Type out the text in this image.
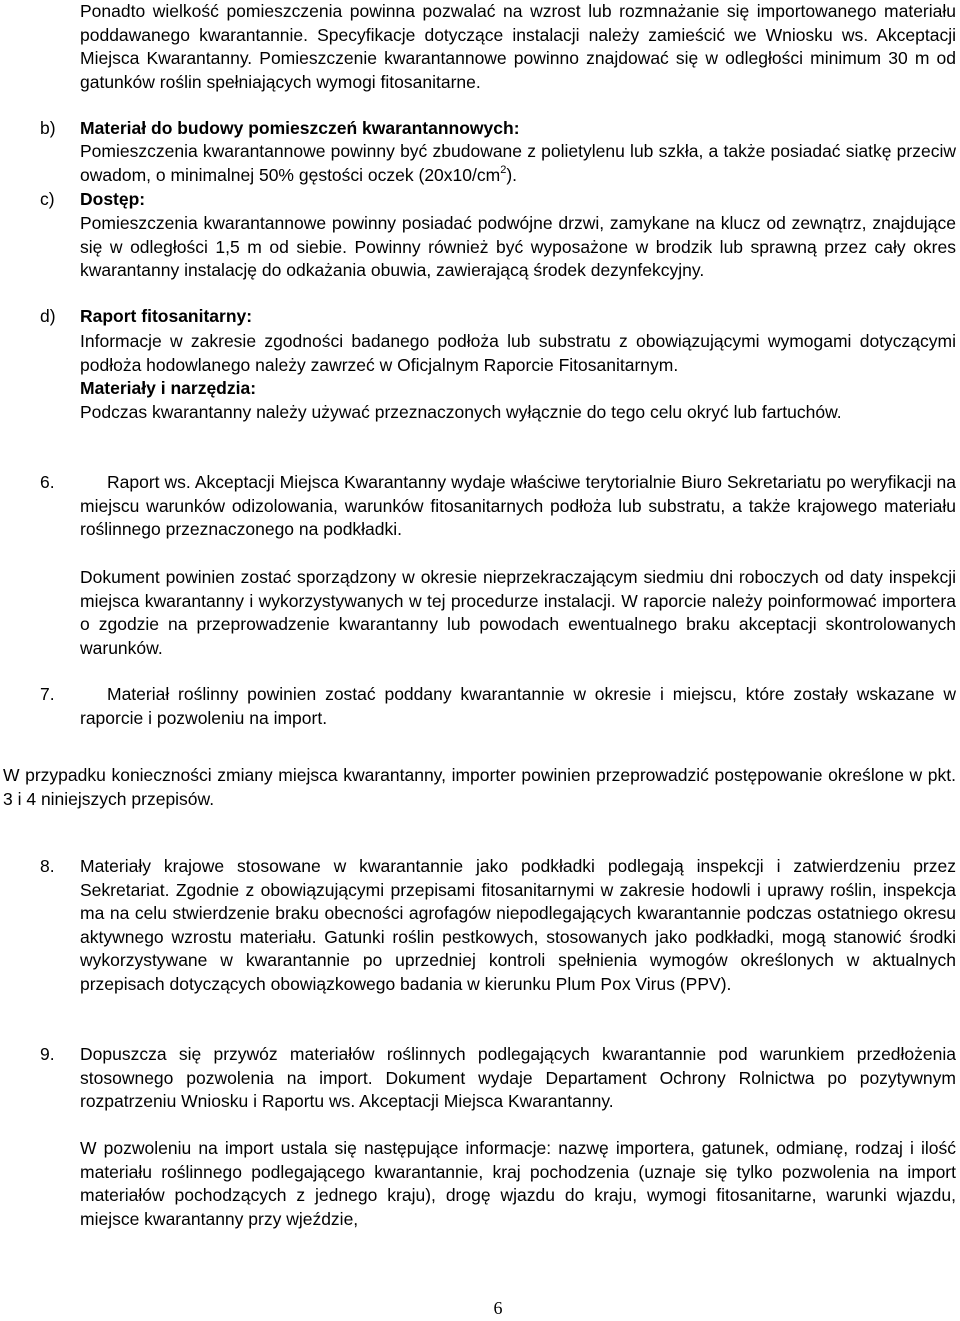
Ponadto wielkość pomieszczenia powinna pozwalać na wzrost lub rozmnażanie się importowanego materiału poddawanego kwarantannie. Specyfikacje dotyczące instalacji należy zamieścić we Wniosku ws. Akceptacji Miejsca Kwarantanny. Pomieszczenie kwarantannowe powinno znajdować się w odległości minimum 30 m od gatunków roślin spełniających wymogi fitosanitarne.

b) Materiał do budowy pomieszczeń kwarantannowych:

Pomieszczenia kwarantannowe powinny być zbudowane z polietylenu lub szkła, a także posiadać siatkę przeciw owadom, o minimalnej 50% gęstości oczek $(20x10/cm^2)$.

c) Dostęp:

Pomieszczenia kwarantannowe powinny posiadać podwójne drzwi, zamykane na klucz od zewnątrz, znajdujące się w odległości 1,5 m od siebie. Powinny również być wyposażone w brodzik lub sprawną przez cały okres kwarantanny instalację do odkażania obuwia, zawierającą środek dezynfekcyjny.

d) Raport fitosanitarny:

Informacje w zakresie zgodności badanego podłoża lub substratu z obowiązującymi wymogami dotyczącymi podłoża hodowlanego należy zawrzeć w Oficjalnym Raporcie Fitosanitarnym.

Materiały i narzędzia:

Podczas kwarantanny należy używać przeznaczonych wyłącznie do tego celu okryć lub fartuchów.

6.	Raport ws. Akceptacji Miejsca Kwarantanny wydaje właściwe terytorialnie Biuro Sekretariatu po weryfikacji na miejscu warunków odizolowania, warunków fitosanitarnych podłoża lub substratu, a także krajowego materiału roślinnego przeznaczonego na podkładki.

Dokument powinien zostać sporządzony w okresie nieprzekraczającym siedmiu dni roboczych od daty inspekcji miejsca kwarantanny i wykorzystywanych w tej procedurze instalacji. W raporcie należy poinformować importera o zgodzie na przeprowadzenie kwarantanny lub powodach ewentualnego braku akceptacji skontrolowanych warunków.

7.	Materiał roślinny powinien zostać poddany kwarantannie w okresie i miejscu, które zostały wskazane w raporcie i pozwoleniu na import.

W przypadku konieczności zmiany miejsca kwarantanny, importer powinien przeprowadzić postępowanie określone w pkt. 3 i 4 niniejszych przepisów.

8. Materiały krajowe stosowane w kwarantannie jako podkładki podlegają inspekcji i zatwierdzeniu przez Sekretariat. Zgodnie z obowiązującymi przepisami fitosanitarnymi w zakresie hodowli i uprawy roślin, inspekcja ma na celu stwierdzenie braku obecności agrofagów niepodlegających kwarantannie podczas ostatniego okresu aktywnego wzrostu materiału. Gatunki roślin pestkowych, stosowanych jako podkładki, mogą stanowić środki wykorzystywane w kwarantannie po uprzedniej kontroli spełnienia wymogów określonych w aktualnych przepisach dotyczących obowiązkowego badania w kierunku Plum Pox Virus (PPV).

9. Dopuszcza się przywóz materiałów roślinnych podlegających kwarantannie pod warunkiem przedłożenia stosownego pozwolenia na import. Dokument wydaje Departament Ochrony Rolnictwa po pozytywnym rozpatrzeniu Wniosku i Raportu ws. Akceptacji Miejsca Kwarantanny.

W pozwoleniu na import ustala się następujące informacje: nazwę importera, gatunek, odmianę, rodzaj i ilość materiału roślinnego podlegającego kwarantannie, kraj pochodzenia (uznaje się tylko pozwolenia na import materiałów pochodzących z jednego kraju), drogę wjazdu do kraju, wymogi fitosanitarne, warunki wjazdu, miejsce kwarantanny przy wjeździe,

6
